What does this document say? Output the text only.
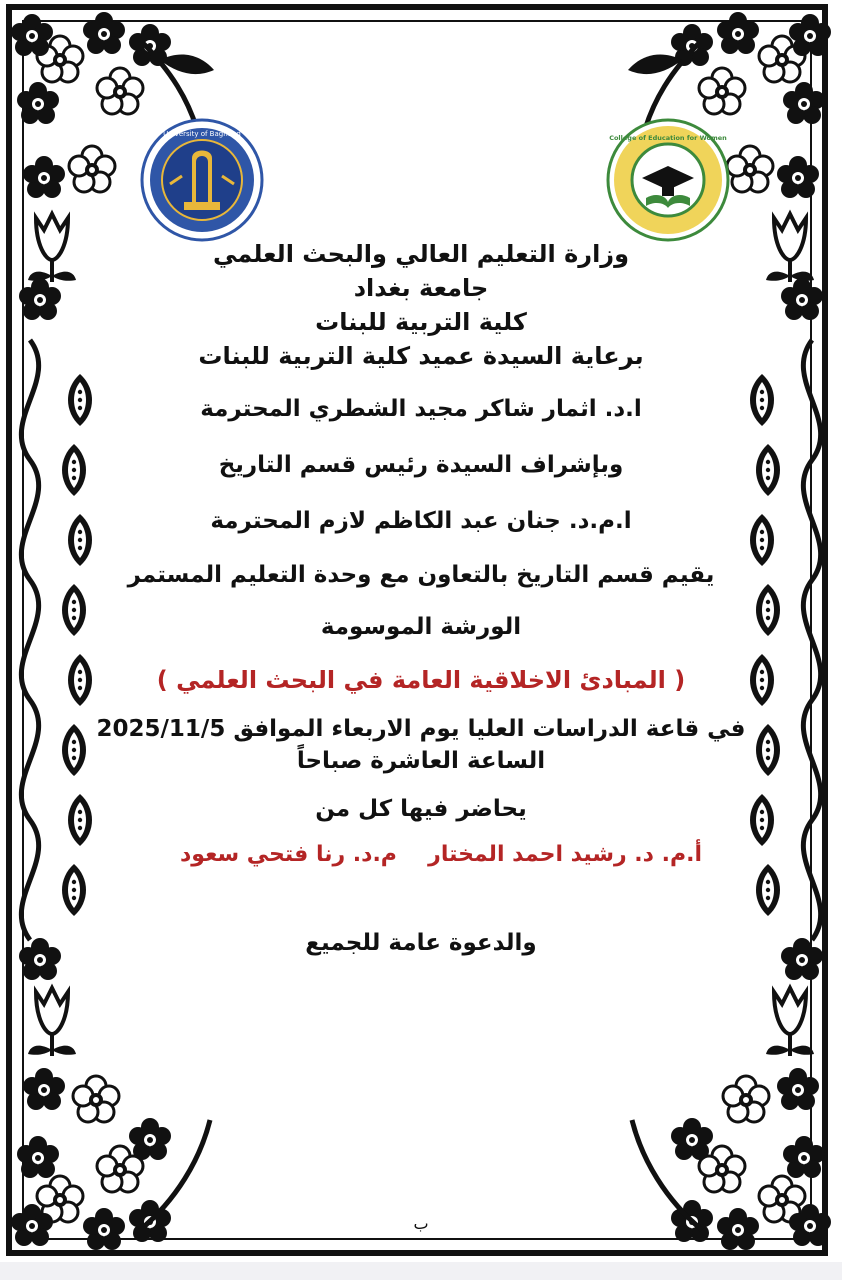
University of Baghdad	College of Education for Women
وزارة التعليم العالي والبحث العلمي
جامعة بغداد
كلية التربية للبنات
برعاية السيدة عميد كلية التربية للبنات
ا.د. اثمار شاكر مجيد الشطري المحترمة
وبإشراف السيدة رئيس قسم التاريخ
ا.م.د. جنان عبد الكاظم لازم المحترمة
يقيم قسم التاريخ بالتعاون مع وحدة التعليم المستمر
الورشة الموسومة
( المبادئ الاخلاقية العامة في البحث العلمي )
في قاعة الدراسات العليا يوم الاربعاء الموافق 2025/11/5
الساعة العاشرة صباحاً
يحاضر فيها كل من
أ.م. د. رشيد احمد المختار
م.د. رنا فتحي سعود
والدعوة عامة للجميع
ب
